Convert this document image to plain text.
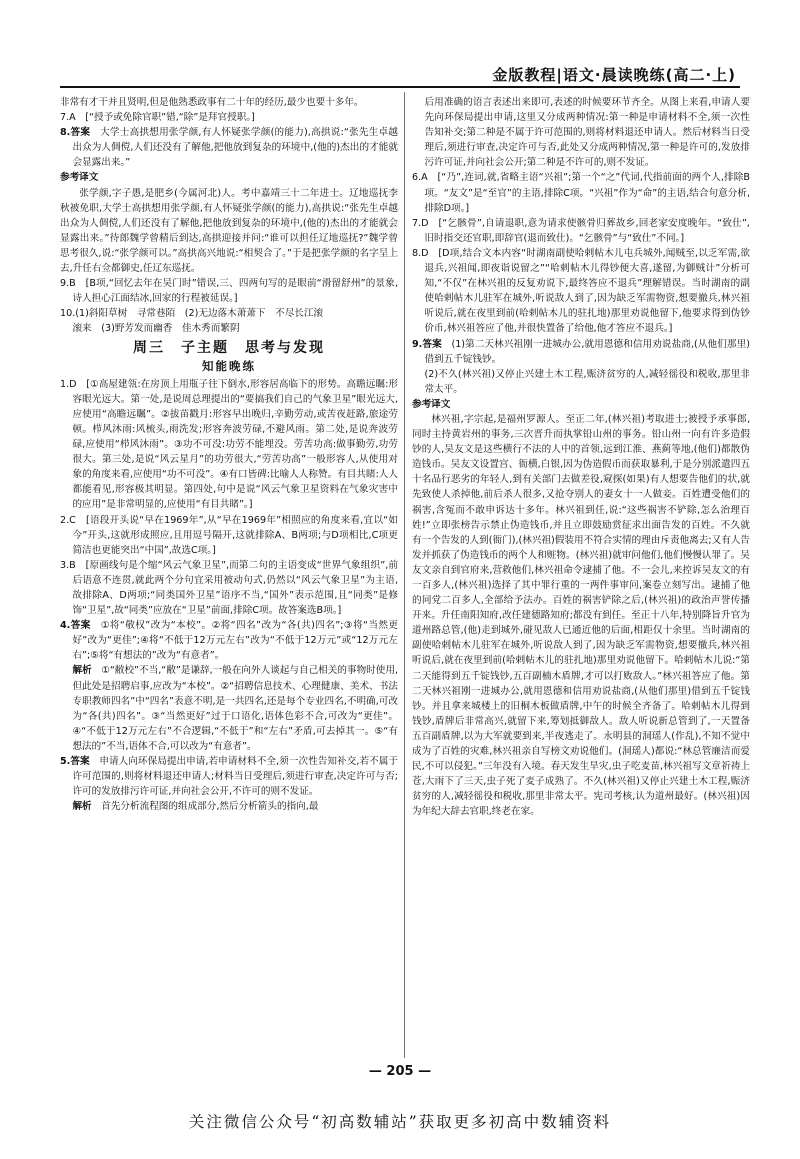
金版教程|语文·晨读晚练(高二·上)

非常有才干并且贤明,但是他熟悉政事有二十年的经历,最少也要十多年。

7.A　[“授予或免除官职”错,“除”是拜官授职。]

8.答案　大学士高拱想用张学颜,有人怀疑张学颜(的能力),高拱说:“张先生卓越出众为人倜傥,人们还没有了解他,把他放到复杂的环境中,(他的)杰出的才能就会显露出来。”

参考译文

张学颜,字子愚,是肥乡(今属河北)人。考中嘉靖三十二年进士。辽地巡抚李秋被免职,大学士高拱想用张学颜,有人怀疑张学颜(的能力),高拱说:“张先生卓越出众为人倜傥,人们还没有了解他,把他放到复杂的环境中,(他的)杰出的才能就会显露出来。”待郎魏学曾精后到达,高拱迎接并问:“谁可以担任辽地巡抚?”魏学曾思考很久,说:“张学颜可以。”高拱高兴地说:“相契合了。”于是把张学颜的名字呈上去,升任右佥都御史,任辽东巡抚。

9.B　[B项,“回忆去年在吴门时”错误,三、四两句写的是眼前“滑留舒州”的景象,诗人担心江面结冰,回家的行程被延误。]

10.(1)斜阳草树　寻常巷陌　(2)无边落木萧萧下　不尽长江滚

滚来　(3)野芳发而幽香　佳木秀而繁阴

周三　子主题　思考与发现
知能晚练

1.D　[①高屋建瓴:在房顶上用瓶子往下倒水,形容居高临下的形势。高瞻远瞩:形容眼光远大。第一处,是说周总理提出的“要搞我们自己的气象卫星”眼光远大,应使用“高瞻远瞩”。②拔苗戳月:形容早出晚归,辛勤劳动,或苦夜赶路,旅途劳顿。栉风沐雨:风梳头,雨洗发;形容奔波劳碌,不避风雨。第二处,是说奔波劳碌,应使用“栉风沐雨”。③功不可没:功劳不能埋没。劳苦功高:做事勤劳,功劳很大。第三处,是说“风云星月”的功劳很大,“劳苦功高”一般形容人,从使用对象的角度来看,应使用“功不可没”。④有口皆碑:比喻人人称赞。有目共睹:人人都能看见,形容极其明显。第四处,句中是说“风云气象卫星资料在气象灾害中的应用”是非常明显的,应使用“有目共睹”。]

2.C　[语段开头说“早在1969年”,从“早在1969年”相照应的角度来看,宜以“如今”开头,这就形成照应,且用逗号隔开,这就排除A、B两项;与D项相比,C项更简洁也更能突出“中国”,故选C项。]

3.B　[原画线句是个缩“风云气象卫星”,而第二句的主语变成“世界气象组织”,前后语意不连贯,就此两个分句宜采用被动句式,仍然以“风云气象卫星”为主语,故排除A、D两项;“同类国外卫星”语序不当,“国外”表示范围,且“同类”是修饰“卫星”,故“同类”应放在“卫星”前面,排除C项。故答案选B项。]

4.答案　①将“敬权”改为“本校”。②将“四名”改为“各(共)四名”;③将“当然更好”改为“更佳”;④将“不低于12万元左右”改为“不低于12万元”或“12万元左右”;⑤将“有想法的”改为“有意者”。

解析　①“敝校”不当,“敝”是谦辞,一般在向外人谈起与自己相关的事物时使用,但此处是招聘启事,应改为“本校”。②“招聘信息技术、心理健康、美术、书法专职教师四名”中“四名”表意不明,是一共四名,还是每个专业四名,不明确,可改为“各(共)四名”。③“当然更好”过于口语化,语体色彩不合,可改为“更佳”。④“不低于12万元左右”不合逻辑,“不低于”和“左右”矛盾,可去掉其一。⑤“有想法的”不当,语体不合,可以改为“有意者”。

5.答案　申请人向环保局提出申请,若申请材料不全,须一次性告知补交,若不属于许可范围的,则将材料退还申请人;材料当日受理后,须进行审查,决定许可与否;许可的发放排污许可证,并向社会公开,不许可的则不发证。

解析　首先分析流程图的组成部分,然后分析箭头的指向,最

后用准确的语言表述出来即可,表述的时候要环节齐全。从图上来看,申请人要先向环保局提出申请,这里又分成两种情况:第一种是申请材料不全,须一次性告知补交;第二种是不属于许可范围的,则将材料退还申请人。然后材料当日受理后,须进行审查,决定许可与否,此处又分成两种情况,第一种是许可的,发放排污许可证,并向社会公开;第二种是不许可的,则不发证。

6.A　[“乃”,连词,就,省略主语“兴祖”;第一个“之”代词,代指前面的两个人,排除B项。“友文”是“至官”的主语,排除C项。“兴祖”作为“命”的主语,结合句意分析,排除D项。]

7.D　[“乞骸骨”,自请退职,意为请求使骸骨归葬故乡,回老家安度晚年。“致仕”,旧时指交还官职,即辞官(退而致仕)。“乞骸骨”与“致仕”不同。]

8.D　[D项,结合文本内容“时湖南副使哈剌帖木儿屯兵城外,闻贼至,以乏军需,欲退兵,兴祖闻,即夜诣说留之”“哈剌帖木儿得钞便大喜,遂留,为御贼计”分析可知,“不仅”在林兴祖的反复劝说下,最终答应不退兵”理解错误。当时湖南的副使哈剌帖木儿驻军在城外,听说敌人到了,因为缺乏军需物资,想要撤兵,林兴祖听说后,就在夜里到前(哈剌帖木儿的驻扎地)那里劝说他留下,他要求得到伪钞价币,林兴祖答应了他,并很快置备了给他,他才答应不退兵。]

9.答案　(1)第二天林兴祖刚一进城办公,就用恩德和信用劝说盐商,(从他们那里)借到五千锭钱钞。

(2)不久(林兴祖)又停止兴建土木工程,赈济贫穷的人,减轻徭役和税收,那里非常太平。

参考译文

林兴祖,字宗起,是福州罗源人。至正二年,(林兴祖)考取进士;被授予承事郎,同时主持黄岩州的事务,三次晋升而执掌铅山州的事务。铅山州一向有许多造假钞的人,吴友文是这些横行不法的人中的首领,远到江淮、燕蓟等地,(他们)都散伪造钱币。吴友文设置宫、衙横,白银,因为伪造假币而获取暴利,于是分别派遣四五十名品行恶劣的年轻人,到有关部门去做差役,窥探(如果)有人想要告他们的状,就先致使人杀掉他,前后杀人很多,又抢夺别人的妻女十一人做妾。百姓遭受他们的祸害,含冤而不敢申诉达十多年。林兴祖到任,说:“这些祸害不铲除,怎么治理百姓!”立即张榜告示禁止伪造钱币,并且立即鼓励赏征求出面告发的百姓。不久就有一个告发的人到(衙门),(林兴祖)假装用不符合实情的理由斥责他离去;又有人告发并抓获了伪造钱币的两个人和赃物。(林兴祖)就审问他们,他们慢慢认罪了。吴友文亲自到官府来,营救他们,林兴祖命令逮捕了他。不一会儿,来控诉吴友文的有一百多人,(林兴祖)选择了其中罪行重的一两件事审问,案卷立刻写出。逮捕了他的同党二百多人,全部给予法办。百姓的祸害铲除之后,(林兴祖)的政治声誉传播开来。升任南阳知府,改任建德路知府;都没有到任。至正十八年,特别降旨升官为道州路总管,(他)走到城外,碰见敌人已通近他的后面,相距仅十余里。当时湖南的副使哈剌帖木儿驻军在城外,听说敌人到了,因为缺乏军需物资,想要撤兵,林兴祖听说后,就在夜里到前(哈剌帖木儿的驻扎地)那里劝说他留下。哈剌帖木儿说:“第二天能得到五千锭钱钞,五百副楠木盾牌,才可以打败敌人。”林兴祖答应了他。第二天林兴祖刚一进城办公,就用恩德和信用劝说盐商,(从他们那里)借到五千锭钱钞。并且拿来城楼上的旧桐木板做盾牌,中午的时候全齐备了。哈剌帖木儿得到钱钞,盾牌后非常高兴,就留下来,筹划抵御敌人。敌人听说新总管到了,一天置备五百副盾牌,以为大军就要到来,半夜逃走了。永明县的洞瑶人(作乱),不知不觉中成为了百姓的灾难,林兴祖亲自写榜文劝说他们。(洞瑶人)都说:“林总管廉洁而爱民,不可以侵犯。”三年没有入境。春天发生旱灾,虫子吃麦苗,林兴祖写文章祈祷上苍,大雨下了三天,虫子死了麦子成熟了。不久(林兴祖)又停止兴建土木工程,赈济贫穷的人,减轻徭役和税收,那里非常太平。宪司考核,认为道州最好。(林兴祖)因为年纪大辞去官职,终老在家。

— 205 —
关注微信公众号“初高数辅站”获取更多初高中数辅资料
